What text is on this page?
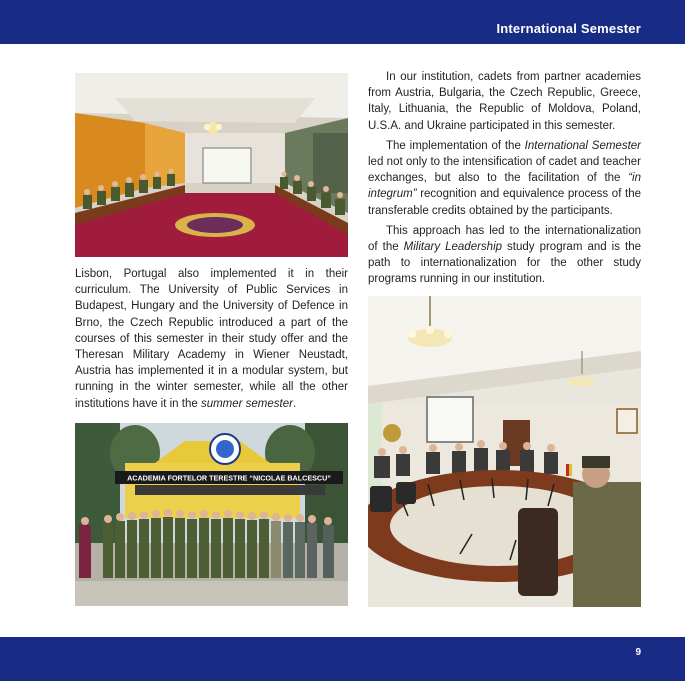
International Semester

Lisbon, Portugal also implemented it in their curriculum. The University of Public Services in Budapest, Hungary and the University of Defence in Brno, the Czech Republic introduced a part of the courses of this semester in their study offer and the Theresan Military Academy in Wiener Neustadt, Austria has implemented it in a modular system, but running in the winter semester, while all the other institutions have it in the summer semester.

ACADEMIA FORTELOR TERESTRE “NICOLAE BALCESCU”

In our institution, cadets from partner academies from Austria, Bulgaria, the Czech Republic, Greece, Italy, Lithuania, the Republic of Moldova, Poland, U.S.A. and Ukraine participated in this semester.

The implementation of the International Semester led not only to the intensification of cadet and teacher exchanges, but also to the facilitation of the “in integrum” recognition and equivalence process of the transferable credits obtained by the participants.

This approach has led to the internationalization of the Military Leadership study program and is the path to internationalization for the other study programs running in our institution.

9
